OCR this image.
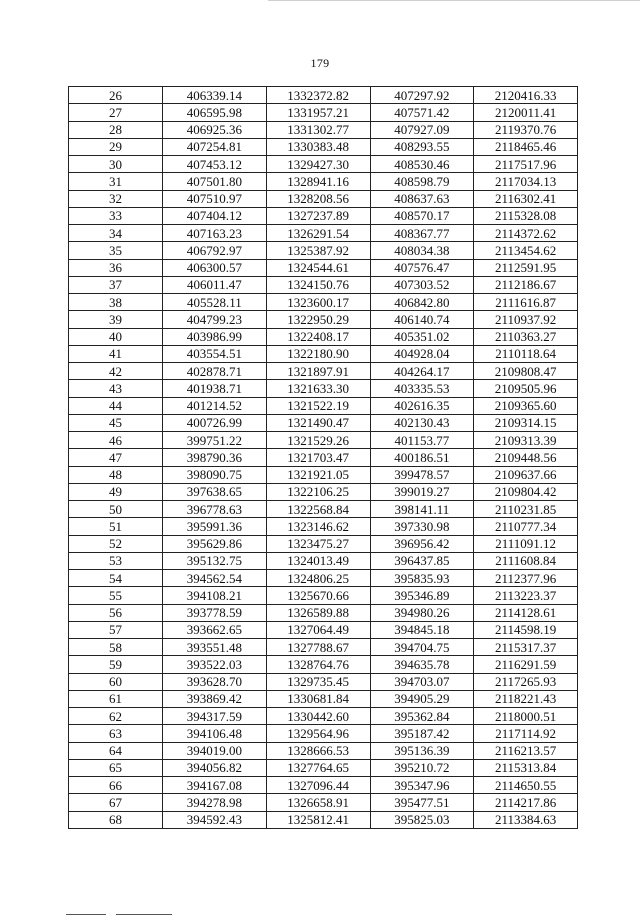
179
26	406339.14	1332372.82	407297.92	2120416.33
27	406595.98	1331957.21	407571.42	2120011.41
28	406925.36	1331302.77	407927.09	2119370.76
29	407254.81	1330383.48	408293.55	2118465.46
30	407453.12	1329427.30	408530.46	2117517.96
31	407501.80	1328941.16	408598.79	2117034.13
32	407510.97	1328208.56	408637.63	2116302.41
33	407404.12	1327237.89	408570.17	2115328.08
34	407163.23	1326291.54	408367.77	2114372.62
35	406792.97	1325387.92	408034.38	2113454.62
36	406300.57	1324544.61	407576.47	2112591.95
37	406011.47	1324150.76	407303.52	2112186.67
38	405528.11	1323600.17	406842.80	2111616.87
39	404799.23	1322950.29	406140.74	2110937.92
40	403986.99	1322408.17	405351.02	2110363.27
41	403554.51	1322180.90	404928.04	2110118.64
42	402878.71	1321897.91	404264.17	2109808.47
43	401938.71	1321633.30	403335.53	2109505.96
44	401214.52	1321522.19	402616.35	2109365.60
45	400726.99	1321490.47	402130.43	2109314.15
46	399751.22	1321529.26	401153.77	2109313.39
47	398790.36	1321703.47	400186.51	2109448.56
48	398090.75	1321921.05	399478.57	2109637.66
49	397638.65	1322106.25	399019.27	2109804.42
50	396778.63	1322568.84	398141.11	2110231.85
51	395991.36	1323146.62	397330.98	2110777.34
52	395629.86	1323475.27	396956.42	2111091.12
53	395132.75	1324013.49	396437.85	2111608.84
54	394562.54	1324806.25	395835.93	2112377.96
55	394108.21	1325670.66	395346.89	2113223.37
56	393778.59	1326589.88	394980.26	2114128.61
57	393662.65	1327064.49	394845.18	2114598.19
58	393551.48	1327788.67	394704.75	2115317.37
59	393522.03	1328764.76	394635.78	2116291.59
60	393628.70	1329735.45	394703.07	2117265.93
61	393869.42	1330681.84	394905.29	2118221.43
62	394317.59	1330442.60	395362.84	2118000.51
63	394106.48	1329564.96	395187.42	2117114.92
64	394019.00	1328666.53	395136.39	2116213.57
65	394056.82	1327764.65	395210.72	2115313.84
66	394167.08	1327096.44	395347.96	2114650.55
67	394278.98	1326658.91	395477.51	2114217.86
68	394592.43	1325812.41	395825.03	2113384.63
